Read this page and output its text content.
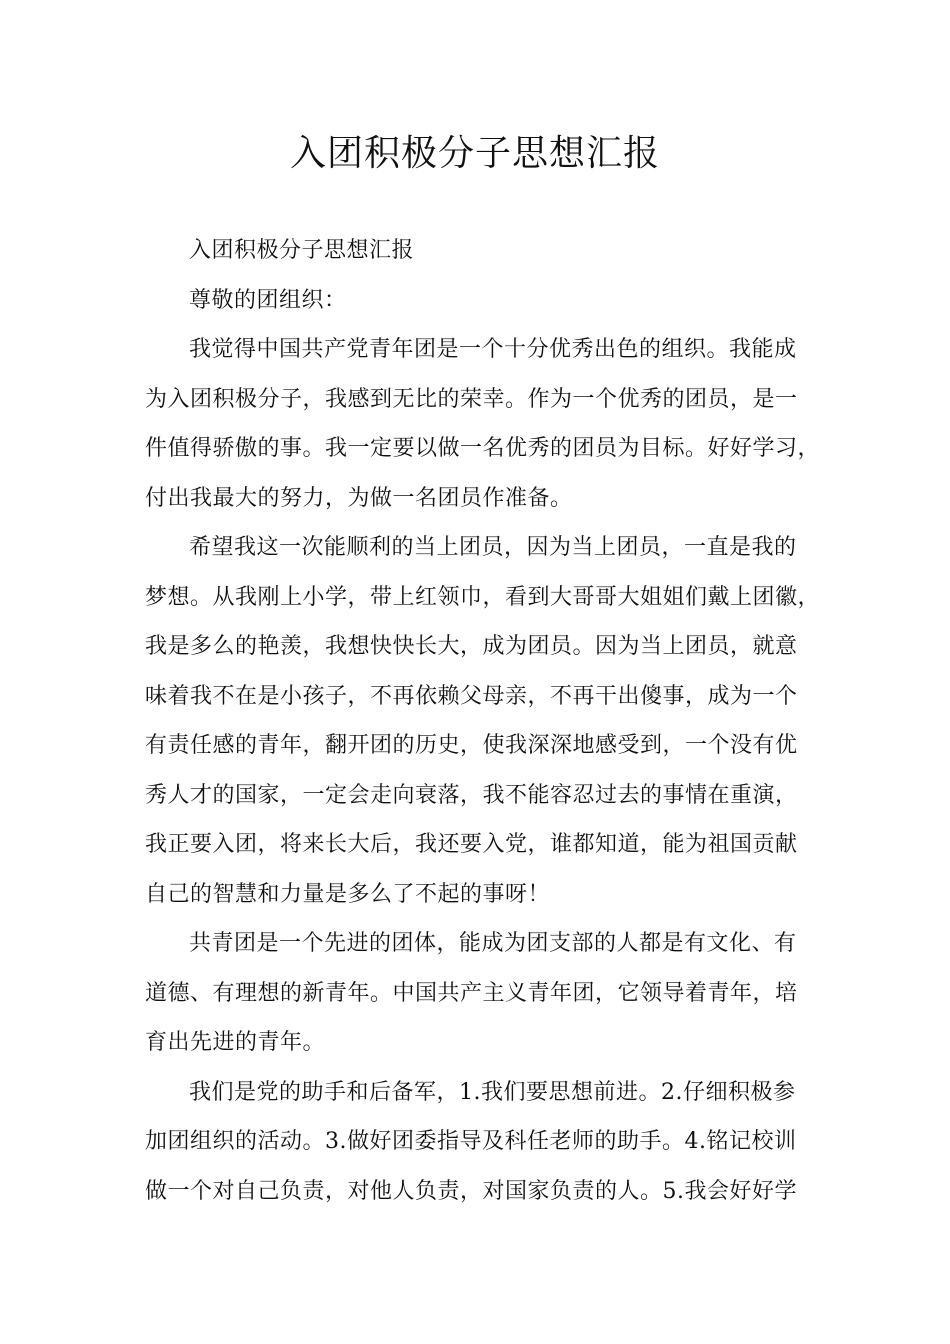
入团积极分子思想汇报
入团积极分子思想汇报
尊敬的团组织：
我觉得中国共产党青年团是一个十分优秀出色的组织。我能成
为入团积极分子，我感到无比的荣幸。作为一个优秀的团员，是一
件值得骄傲的事。我一定要以做一名优秀的团员为目标。好好学习，
付出我最大的努力，为做一名团员作准备。
希望我这一次能顺利的当上团员，因为当上团员，一直是我的
梦想。从我刚上小学，带上红领巾，看到大哥哥大姐姐们戴上团徽，
我是多么的艳羡，我想快快长大，成为团员。因为当上团员，就意
味着我不在是小孩子，不再依赖父母亲，不再干出傻事，成为一个
有责任感的青年，翻开团的历史，使我深深地感受到，一个没有优
秀人才的国家，一定会走向衰落，我不能容忍过去的事情在重演，
我正要入团，将来长大后，我还要入党，谁都知道，能为祖国贡献
自己的智慧和力量是多么了不起的事呀！
共青团是一个先进的团体，能成为团支部的人都是有文化、有
道德、有理想的新青年。中国共产主义青年团，它领导着青年，培
育出先进的青年。
我们是党的助手和后备军，1.我们要思想前进。2.仔细积极参
加团组织的活动。3.做好团委指导及科任老师的助手。4.铭记校训
做一个对自己负责，对他人负责，对国家负责的人。5.我会好好学
